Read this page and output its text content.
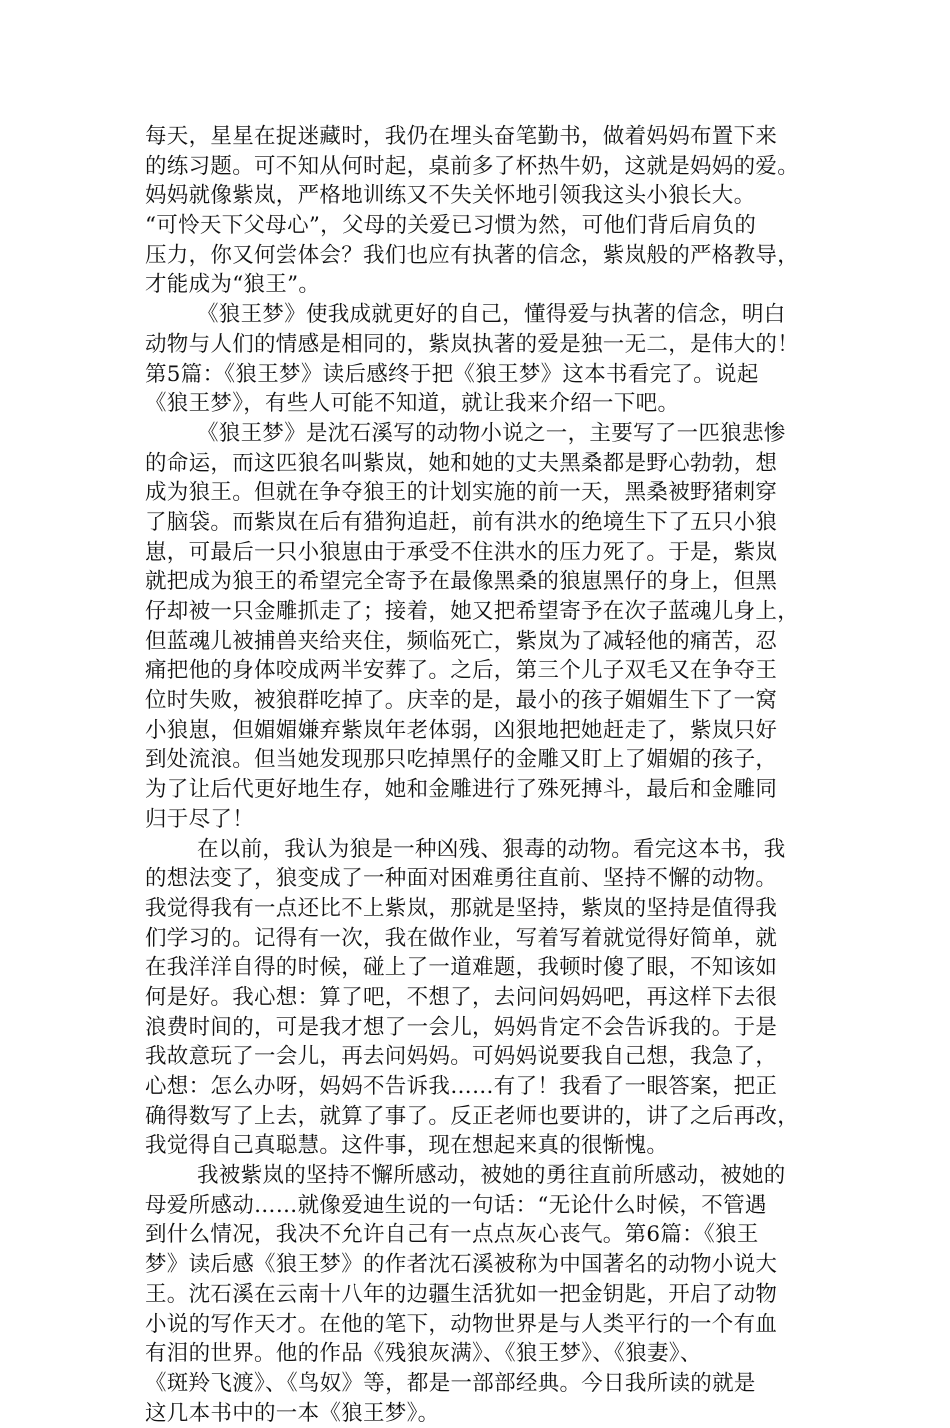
每天，星星在捉迷藏时，我仍在埋头奋笔勤书，做着妈妈布置下来
的练习题。可不知从何时起，桌前多了杯热牛奶，这就是妈妈的爱。
妈妈就像紫岚，严格地训练又不失关怀地引领我这头小狼长大。
“可怜天下父母心”，父母的关爱已习惯为然，可他们背后肩负的
压力，你又何尝体会？我们也应有执著的信念，紫岚般的严格教导，
才能成为“狼王”。
《狼王梦》使我成就更好的自己，懂得爱与执著的信念，明白
动物与人们的情感是相同的，紫岚执著的爱是独一无二，是伟大的！
第5篇：《狼王梦》读后感终于把《狼王梦》这本书看完了。说起
《狼王梦》，有些人可能不知道，就让我来介绍一下吧。
《狼王梦》是沈石溪写的动物小说之一，主要写了一匹狼悲惨
的命运，而这匹狼名叫紫岚，她和她的丈夫黑桑都是野心勃勃，想
成为狼王。但就在争夺狼王的计划实施的前一天，黑桑被野猪刺穿
了脑袋。而紫岚在后有猎狗追赶，前有洪水的绝境生下了五只小狼
崽，可最后一只小狼崽由于承受不住洪水的压力死了。于是，紫岚
就把成为狼王的希望完全寄予在最像黑桑的狼崽黑仔的身上，但黑
仔却被一只金雕抓走了；接着，她又把希望寄予在次子蓝魂儿身上，
但蓝魂儿被捕兽夹给夹住，频临死亡，紫岚为了减轻他的痛苦，忍
痛把他的身体咬成两半安葬了。之后，第三个儿子双毛又在争夺王
位时失败，被狼群吃掉了。庆幸的是，最小的孩子媚媚生下了一窝
小狼崽，但媚媚嫌弃紫岚年老体弱，凶狠地把她赶走了，紫岚只好
到处流浪。但当她发现那只吃掉黑仔的金雕又盯上了媚媚的孩子，
为了让后代更好地生存，她和金雕进行了殊死搏斗，最后和金雕同
归于尽了！
在以前，我认为狼是一种凶残、狠毒的动物。看完这本书，我
的想法变了，狼变成了一种面对困难勇往直前、坚持不懈的动物。
我觉得我有一点还比不上紫岚，那就是坚持，紫岚的坚持是值得我
们学习的。记得有一次，我在做作业，写着写着就觉得好简单，就
在我洋洋自得的时候，碰上了一道难题，我顿时傻了眼，不知该如
何是好。我心想：算了吧，不想了，去问问妈妈吧，再这样下去很
浪费时间的，可是我才想了一会儿，妈妈肯定不会告诉我的。于是
我故意玩了一会儿，再去问妈妈。可妈妈说要我自己想，我急了，
心想：怎么办呀，妈妈不告诉我……有了！我看了一眼答案，把正
确得数写了上去，就算了事了。反正老师也要讲的，讲了之后再改，
我觉得自己真聪慧。这件事，现在想起来真的很惭愧。
我被紫岚的坚持不懈所感动，被她的勇往直前所感动，被她的
母爱所感动……就像爱迪生说的一句话：“无论什么时候，不管遇
到什么情况，我决不允许自己有一点点灰心丧气。第6篇：《狼王
梦》读后感《狼王梦》的作者沈石溪被称为中国著名的动物小说大
王。沈石溪在云南十八年的边疆生活犹如一把金钥匙，开启了动物
小说的写作天才。在他的笔下，动物世界是与人类平行的一个有血
有泪的世界。他的作品《残狼灰满》、《狼王梦》、《狼妻》、
《斑羚飞渡》、《鸟奴》等，都是一部部经典。今日我所读的就是
这几本书中的一本《狼王梦》。
